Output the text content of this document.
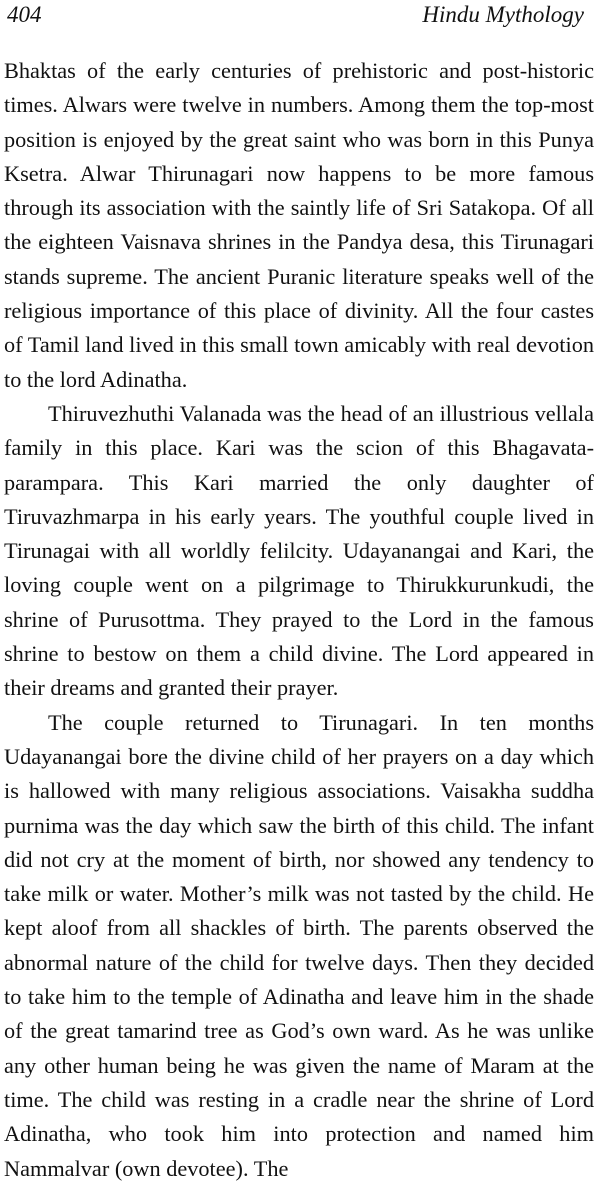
404	Hindu Mythology

Bhaktas of the early centuries of prehistoric and post-historic times. Alwars were twelve in numbers. Among them the top-most position is enjoyed by the great saint who was born in this Punya Ksetra. Alwar Thirunagari now happens to be more famous through its association with the saintly life of Sri Satakopa. Of all the eighteen Vaisnava shrines in the Pandya desa, this Tirunagari stands supreme. The ancient Puranic literature speaks well of the religious importance of this place of divinity. All the four castes of Tamil land lived in this small town amicably with real devotion to the lord Adinatha.

Thiruvezhuthi Valanada was the head of an illustrious vellala family in this place. Kari was the scion of this Bhagavata-parampara. This Kari married the only daughter of Tiruvazhmarpa in his early years. The youthful couple lived in Tirunagai with all worldly felilcity. Udayanangai and Kari, the loving couple went on a pilgrimage to Thirukkurunkudi, the shrine of Purusottma. They prayed to the Lord in the famous shrine to bestow on them a child divine. The Lord appeared in their dreams and granted their prayer.

The couple returned to Tirunagari. In ten months Udayanangai bore the divine child of her prayers on a day which is hallowed with many religious associations. Vaisakha suddha purnima was the day which saw the birth of this child. The infant did not cry at the moment of birth, nor showed any tendency to take milk or water. Mother’s milk was not tasted by the child. He kept aloof from all shackles of birth. The parents observed the abnormal nature of the child for twelve days. Then they decided to take him to the temple of Adinatha and leave him in the shade of the great tamarind tree as God’s own ward. As he was unlike any other human being he was given the name of Maram at the time. The child was resting in a cradle near the shrine of Lord Adinatha, who took him into protection and named him Nammalvar (own devotee). The
